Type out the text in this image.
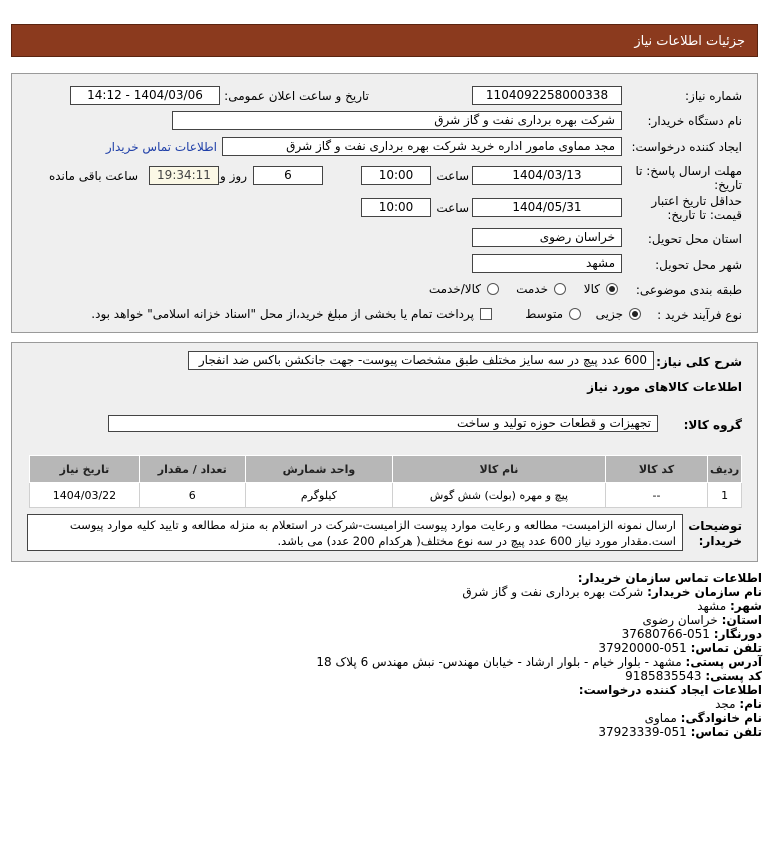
جزئیات اطلاعات نیاز
شماره نیاز:
1104092258000338
تاریخ و ساعت اعلان عمومی:
1404/03/06 - 14:12
نام دستگاه خریدار:
شرکت بهره برداری نفت و گاز شرق
ایجاد کننده درخواست:
مجد مماوی مامور اداره خرید شرکت بهره برداری نفت و گاز شرق
اطلاعات تماس خریدار
مهلت ارسال پاسخ: تا
تاریخ:
1404/03/13
ساعت
10:00
6
روز و
19:34:11
ساعت باقی مانده
حداقل تاریخ اعتبار
قیمت: تا تاریخ:
1404/05/31
ساعت
10:00
استان محل تحویل:
خراسان رضوی
شهر محل تحویل:
مشهد
طبقه بندی موضوعی:
کالا
خدمت
کالا/خدمت
نوع فرآیند خرید :
جزیی
متوسط
پرداخت تمام یا بخشی از مبلغ خرید،از محل "اسناد خزانه اسلامی" خواهد بود.
شرح کلی نیاز:
600 عدد پیچ در سه سایز مختلف طبق مشخصات پیوست- جهت جانکشن باکس ضد انفجار
اطلاعات کالاهای مورد نیاز
گروه کالا:
تجهیزات و قطعات حوزه تولید و ساخت
ردیف	کد کالا	نام کالا	واحد شمارش	تعداد / مقدار	تاریخ نیاز
1	--	پیچ و مهره (بولت) شش گوش	کیلوگرم	6	1404/03/22
توضیحات
خریدار:
ارسال نمونه الزامیست- مطالعه و رعایت موارد پیوست الزامیست-شرکت در استعلام به منزله مطالعه و تایید کلیه موارد پیوست است.مقدار مورد نیاز 600 عدد پیچ در سه نوع مختلف( هرکدام 200 عدد) می باشد.
اطلاعات تماس سازمان خریدار:
نام سازمان خریدار: شرکت بهره برداری نفت و گاز شرق
شهر: مشهد
استان: خراسان رضوی
دورنگار: 051-37680766
تلفن تماس: 051-37920000
آدرس پستی: مشهد - بلوار خیام - بلوار ارشاد - خیابان مهندس- نبش مهندس 6 پلاک 18
کد پستی: 9185835543
اطلاعات ایجاد کننده درخواست:
نام: مجد
نام خانوادگی: مماوی
تلفن تماس: 051-37923339
